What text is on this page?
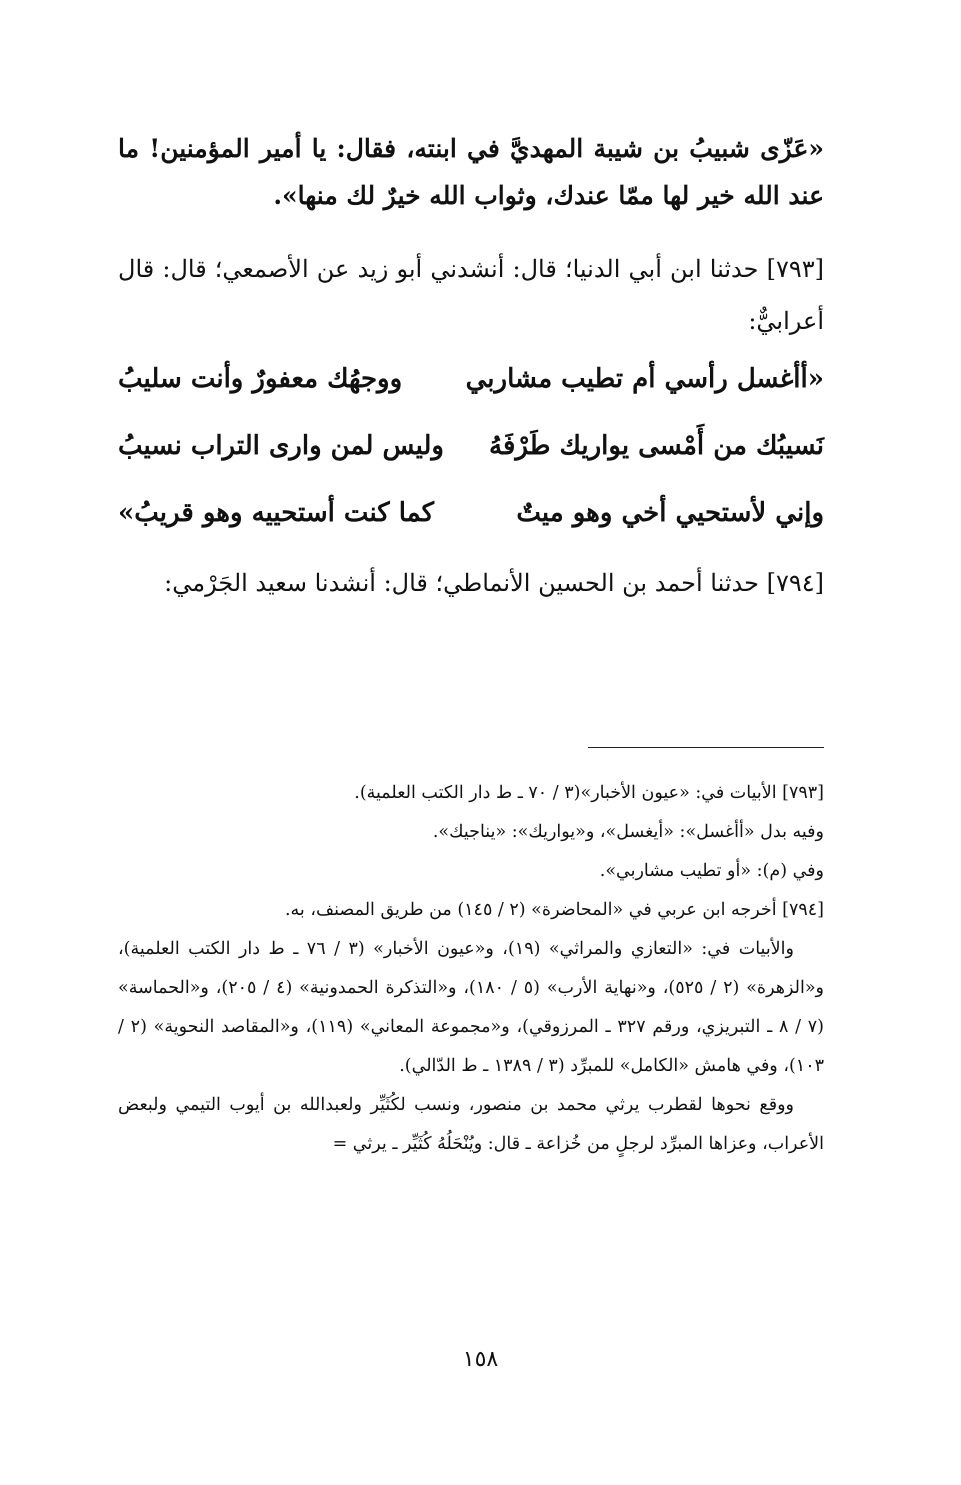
«عَزّى شبيبُ بن شيبة المهديَّ في ابنته، فقال: يا أمير المؤمنين! ما عند الله خير لها ممّا عندك، وثواب الله خيرٌ لك منها».
[٧٩٣] حدثنا ابن أبي الدنيا؛ قال: أنشدني أبو زيد عن الأصمعي؛ قال: قال أعرابيٌّ:
«أأغسل رأسي أم تطيب مشاربي
ووجهُك معفورٌ وأنت سليبُ
نَسيبُك من أَمْسى يواريك طَرْفَهُ
وليس لمن وارى التراب نسيبُ
وإني لأستحيي أخي وهو ميتٌ
كما كنت أستحييه وهو قريبُ»
[٧٩٤] حدثنا أحمد بن الحسين الأنماطي؛ قال: أنشدنا سعيد الجَرْمي:

[٧٩٣] الأبيات في: «عيون الأخبار»(٣ / ٧٠ ـ ط دار الكتب العلمية).

وفيه بدل «أأغسل»: «أيغسل»، و«يواريك»: «يناجيك».

وفي (م): «أو تطيب مشاربي».

[٧٩٤] أخرجه ابن عربي في «المحاضرة» (٢ / ١٤٥) من طريق المصنف، به.

والأبيات في: «التعازي والمراثي» (١٩)، و«عيون الأخبار» (٣ / ٧٦ ـ ط دار الكتب العلمية)، و«الزهرة» (٢ / ٥٢٥)، و«نهاية الأرب» (٥ / ١٨٠)، و«التذكرة الحمدونية» (٤ / ٢٠٥)، و«الحماسة» (٧ / ٨ ـ التبريزي، ورقم ٣٢٧ ـ المرزوقي)، و«مجموعة المعاني» (١١٩)، و«المقاصد النحوية» (٢ / ١٠٣)، وفي هامش «الكامل» للمبرِّد (٣ / ١٣٨٩ ـ ط الدّالي).

ووقع نحوها لقطرب يرثي محمد بن منصور، ونسب لكُثَيِّر ولعبدالله بن أيوب التيمي ولبعض الأعراب، وعزاها المبرِّد لرجلٍ من خُزاعة ـ قال: ويُنْحَلُهُ كُثَيِّر ـ يرثي =

١٥٨
